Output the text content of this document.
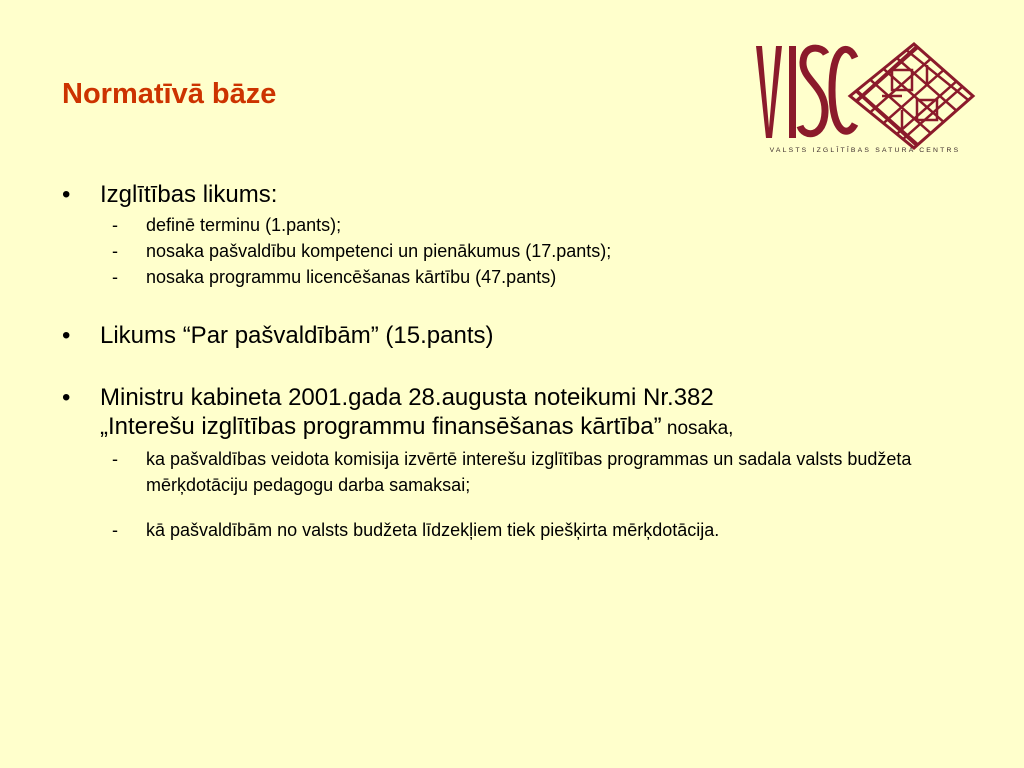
Normatīvā bāze
VALSTS IZGLĪTĪBAS SATURA CENTRS
•	Izglītības likums:
- definē terminu (1.pants);
- nosaka pašvaldību kompetenci un pienākumus (17.pants);
- nosaka programmu licencēšanas kārtību (47.pants)
•	Likums “Par pašvaldībām” (15.pants)
•	Ministru kabineta 2001.gada 28.augusta noteikumi Nr.382
„Interešu izglītības programmu finansēšanas kārtība” nosaka,
- ka pašvaldības veidota komisija izvērtē interešu izglītības programmas un sadala valsts budžeta mērķdotāciju pedagogu darba samaksai;
- kā pašvaldībām no valsts budžeta līdzekļiem tiek piešķirta mērķdotācija.
